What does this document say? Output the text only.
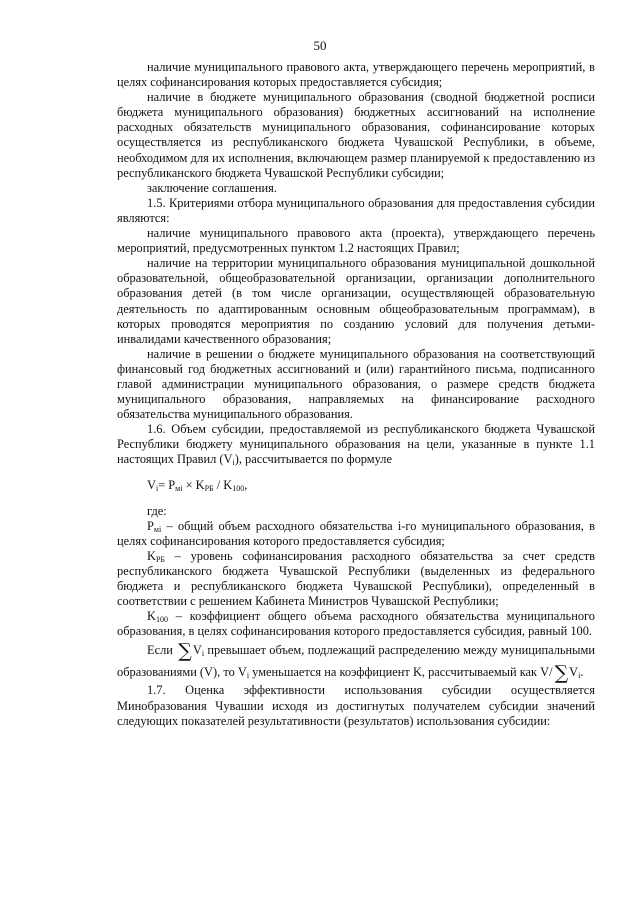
50

наличие муниципального правового акта, утверждающего перечень мероприятий, в целях софинансирования которых предоставляется субсидия;

наличие в бюджете муниципального образования (сводной бюджетной росписи бюджета муниципального образования) бюджетных ассигнований на исполнение расходных обязательств муниципального образования, софинансирование которых осуществляется из республиканского бюджета Чувашской Республики, в объеме, необходимом для их исполнения, включающем размер планируемой к предоставлению из республиканского бюджета Чувашской Республики субсидии;

заключение соглашения.

1.5. Критериями отбора муниципального образования для предоставления субсидии являются:

наличие муниципального правового акта (проекта), утверждающего перечень мероприятий, предусмотренных пунктом 1.2 настоящих Правил;

наличие на территории муниципального образования муниципальной дошкольной образовательной, общеобразовательной организации, организации дополнительного образования детей (в том числе организации, осуществляющей образовательную деятельность по адаптированным основным общеобразовательным программам), в которых проводятся мероприятия по созданию условий для получения детьми-инвалидами качественного образования;

наличие в решении о бюджете муниципального образования на соответствующий финансовый год бюджетных ассигнований и (или) гарантийного письма, подписанного главой администрации муниципального образования, о размере средств бюджета муниципального образования, направляемых на финансирование расходного обязательства муниципального образования.

1.6. Объем субсидии, предоставляемой из республиканского бюджета Чувашской Республики бюджету муниципального образования на цели, указанные в пункте 1.1 настоящих Правил $(V_i)$, рассчитывается по формуле

$V_i= P_{мi} \times K_{РБ} / K_{100}$,

где:

$P_{мi}$ – общий объем расходного обязательства i-го муниципального образования, в целях софинансирования которого предоставляется субсидия;

$K_{РБ}$ – уровень софинансирования расходного обязательства за счет средств республиканского бюджета Чувашской Республики (выделенных из федерального бюджета и республиканского бюджета Чувашской Республики), определенный в соответствии с решением Кабинета Министров Чувашской Республики;

$K_{100}$ – коэффициент общего объема расходного обязательства муниципального образования, в целях софинансирования которого предоставляется субсидия, равный 100.

Если $\sum V_i$ превышает объем, подлежащий распределению между муниципальными образованиями (V), то $V_i$ уменьшается на коэффициент K, рассчитываемый как V/ $\sum V_i$.

1.7. Оценка эффективности использования субсидии осуществляется Минобразования Чувашии исходя из достигнутых получателем субсидии значений следующих показателей результативности (результатов) использования субсидии:
